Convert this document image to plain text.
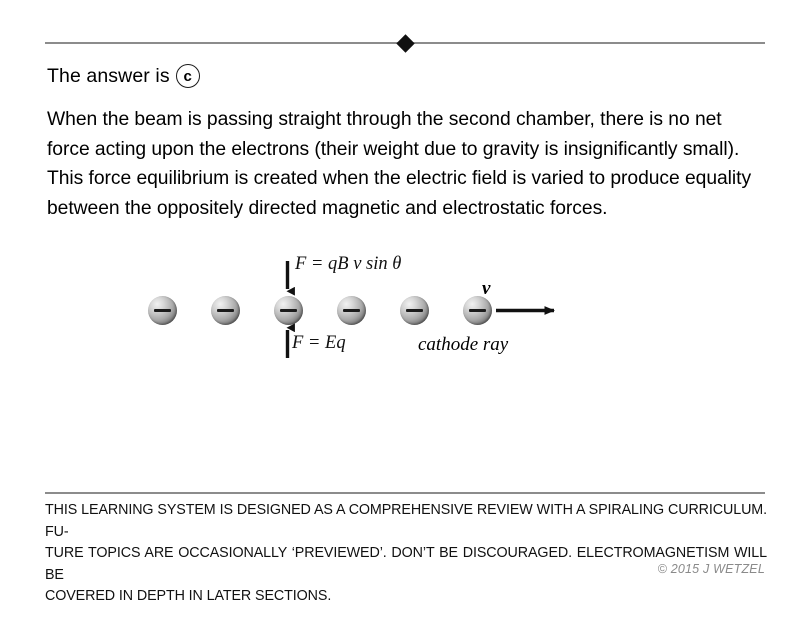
The answer is c
When the beam is passing straight through the second chamber, there is no net force acting upon the electrons (their weight due to gravity is insignificantly small). This force equilibrium is created when the electric field is varied to produce equality between the oppositely directed magnetic and electrostatic forces.
F = qB v sin θ
F = Eq
v
cathode ray
THIS LEARNING SYSTEM IS DESIGNED AS A COMPREHENSIVE REVIEW WITH A SPIRALING CURRICULUM. FU-
TURE TOPICS ARE OCCASIONALLY ‘PREVIEWED’. DON’T BE DISCOURAGED. ELECTROMAGNETISM WILL BE
COVERED IN DEPTH IN LATER SECTIONS.
© 2015 J WETZEL
